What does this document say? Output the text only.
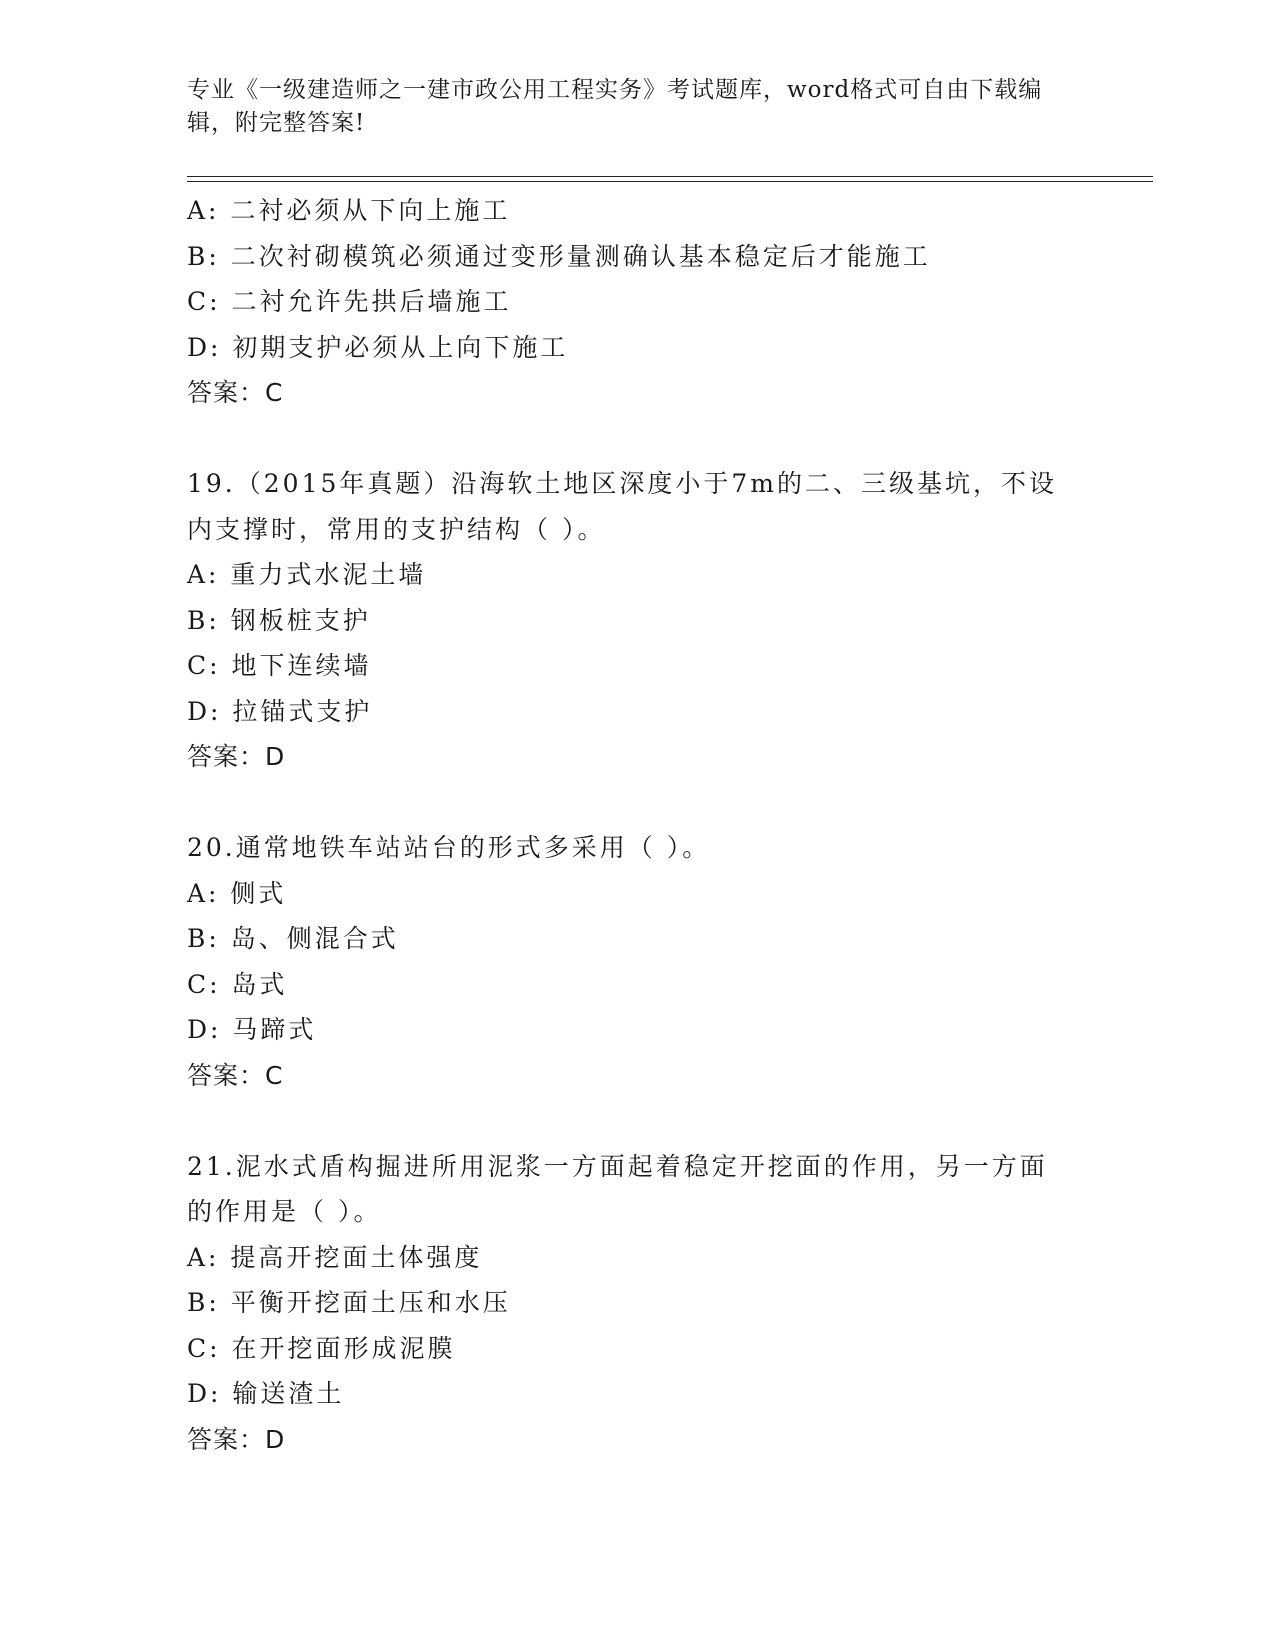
专业《一级建造师之一建市政公用工程实务》考试题库，word格式可自由下载编辑，附完整答案!
A: 二衬必须从下向上施工
B: 二次衬砌模筑必须通过变形量测确认基本稳定后才能施工
C: 二衬允许先拱后墙施工
D: 初期支护必须从上向下施工
答案：C
19.（2015年真题）沿海软土地区深度小于7m的二、三级基坑，不设
内支撑时，常用的支护结构（ ）。
A: 重力式水泥土墙
B: 钢板桩支护
C: 地下连续墙
D: 拉锚式支护
答案：D
20.通常地铁车站站台的形式多采用（ ）。
A: 侧式
B: 岛、侧混合式
C: 岛式
D: 马蹄式
答案：C
21.泥水式盾构掘进所用泥浆一方面起着稳定开挖面的作用，另一方面
的作用是（ ）。
A: 提高开挖面土体强度
B: 平衡开挖面土压和水压
C: 在开挖面形成泥膜
D: 输送渣土
答案：D
